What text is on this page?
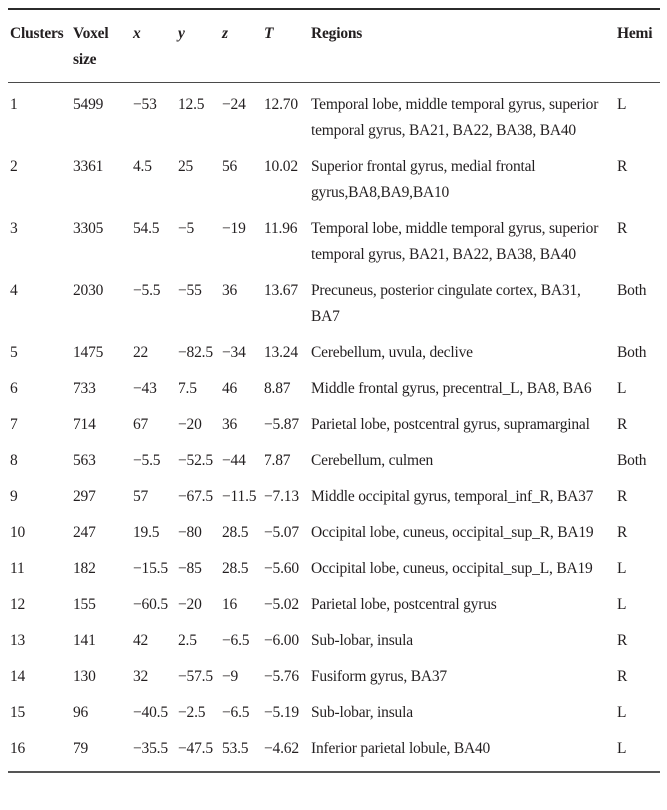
Clusters	Voxel size	x	y	z	T	Regions	Hemi
1	5499	−53	12.5	−24	12.70	Temporal lobe, middle temporal gyrus, superior temporal gyrus, BA21, BA22, BA38, BA40	L
2	3361	4.5	25	56	10.02	Superior frontal gyrus, medial frontal gyrus,BA8,BA9,BA10	R
3	3305	54.5	−5	−19	11.96	Temporal lobe, middle temporal gyrus, superior temporal gyrus, BA21, BA22, BA38, BA40	R
4	2030	−5.5	−55	36	13.67	Precuneus, posterior cingulate cortex, BA31, BA7	Both
5	1475	22	−82.5	−34	13.24	Cerebellum, uvula, declive	Both
6	733	−43	7.5	46	8.87	Middle frontal gyrus, precentral_L, BA8, BA6	L
7	714	67	−20	36	−5.87	Parietal lobe, postcentral gyrus, supramarginal	R
8	563	−5.5	−52.5	−44	7.87	Cerebellum, culmen	Both
9	297	57	−67.5	−11.5	−7.13	Middle occipital gyrus, temporal_inf_R, BA37	R
10	247	19.5	−80	28.5	−5.07	Occipital lobe, cuneus, occipital_sup_R, BA19	R
11	182	−15.5	−85	28.5	−5.60	Occipital lobe, cuneus, occipital_sup_L, BA19	L
12	155	−60.5	−20	16	−5.02	Parietal lobe, postcentral gyrus	L
13	141	42	2.5	−6.5	−6.00	Sub-lobar, insula	R
14	130	32	−57.5	−9	−5.76	Fusiform gyrus, BA37	R
15	96	−40.5	−2.5	−6.5	−5.19	Sub-lobar, insula	L
16	79	−35.5	−47.5	53.5	−4.62	Inferior parietal lobule, BA40	L
